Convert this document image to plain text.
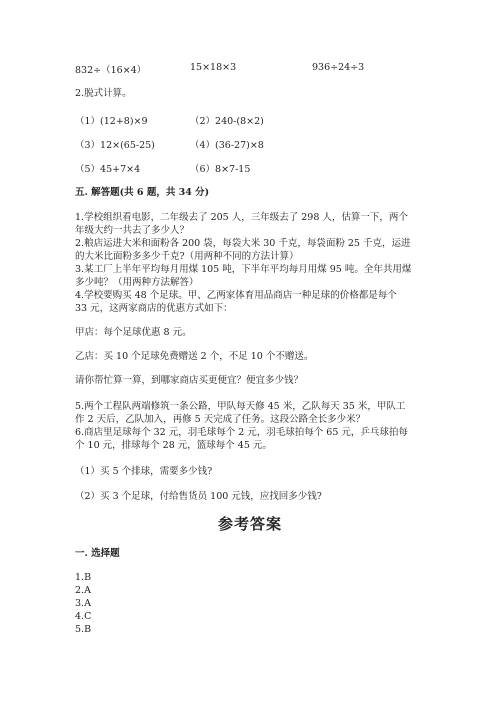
832÷（16×4）	15×18×3	936÷24÷3
2.脱式计算。
（1）(12+8)×9	（2）240-(8×2)
（3）12×(65-25)	（4）(36-27)×8
（5）45+7×4	（6）8×7-15
五. 解答题(共 6 题，共 34 分)
1.学校组织看电影，二年级去了 205 人，三年级去了 298 人，估算一下，两个
年级大约一共去了多少人？
2.粮店运进大米和面粉各 200 袋，每袋大米 30 千克，每袋面粉 25 千克，运进
的大米比面粉多多少千克?（用两种不同的方法计算）
3.某工厂上半年平均每月用煤 105 吨，下半年平均每月用煤 95 吨。全年共用煤
多少吨？（用两种方法解答）
4.学校要购买 48 个足球。甲、乙两家体育用品商店一种足球的价格都是每个
33 元，这两家商店的优惠方式如下：
甲店：每个足球优惠 8 元。
乙店：买 10 个足球免费赠送 2 个，不足 10 个不赠送。
请你帮忙算一算，到哪家商店买更便宜？便宜多少钱？
5.两个工程队两端修筑一条公路，甲队每天修 45 米，乙队每天 35 米，甲队工
作 2 天后，乙队加入，再修 5 天完成了任务。这段公路全长多少米？
6.商店里足球每个 32 元，羽毛球每个 2 元，羽毛球拍每个 65 元，乒乓球拍每
个 10 元，排球每个 28 元，篮球每个 45 元。
（1）买 5 个排球，需要多少钱?
（2）买 3 个足球，付给售货员 100 元钱，应找回多少钱?
参考答案
一. 选择题
1.B
2.A
3.A
4.C
5.B
